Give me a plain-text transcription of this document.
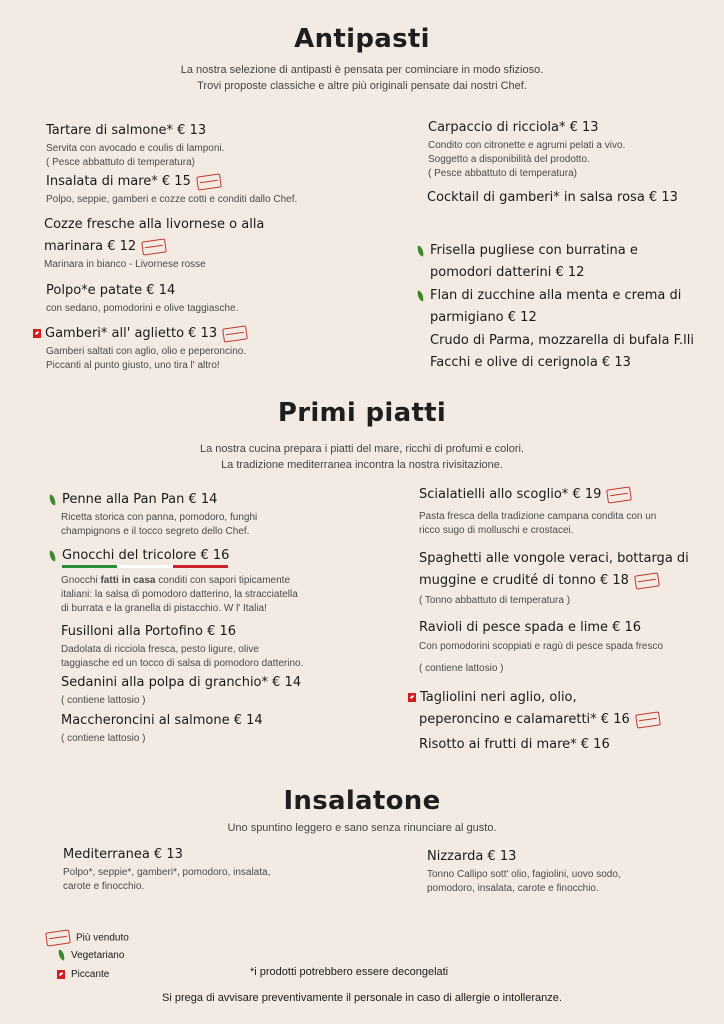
Antipasti
La nostra selezione di antipasti è pensata per cominciare in modo sfizioso.
Trovi proposte classiche e altre più originali pensate dai nostri Chef.
Tartare di salmone* € 13
Servita con avocado e coulis di lamponi.
( Pesce abbattuto di temperatura)
Insalata di mare* € 15
Polpo, seppie, gamberi e cozze cotti e conditi dallo Chef.
Cozze fresche alla livornese o alla
marinara € 12
Marinara in bianco - Livornese rosse
Polpo*e patate € 14
con sedano, pomodorini e olive taggiasche.
Gamberi* all' aglietto € 13
Gamberi saltati con aglio, olio e peperoncino.
Piccanti al punto giusto, uno tira l' altro!
Carpaccio di ricciola* € 13
Condito con citronette e agrumi pelati a vivo.
Soggetto a disponibilità del prodotto.
( Pesce abbattuto di temperatura)
Cocktail di gamberi* in salsa rosa € 13
Frisella pugliese con burratina e
pomodori datterini € 12
Flan di zucchine alla menta e crema di
parmigiano € 12
Crudo di Parma, mozzarella di bufala F.lli
Facchi e olive di cerignola € 13
Primi piatti
La nostra cucina prepara i piatti del mare, ricchi di profumi e colori.
La tradizione mediterranea incontra la nostra rivisitazione.
Penne alla Pan Pan € 14
Ricetta storica con panna, pomodoro, funghi
champignons e il tocco segreto dello Chef.
Gnocchi del tricolore € 16
Gnocchi fatti in casa conditi con sapori tipicamente
italiani: la salsa di pomodoro datterino, la stracciatella
di burrata e la granella di pistacchio. W l' Italia!
Fusilloni alla Portofino € 16
Dadolata di ricciola fresca, pesto ligure, olive
taggiasche ed un tocco di salsa di pomodoro datterino.
Sedanini alla polpa di granchio* € 14
( contiene lattosio )
Maccheroncini al salmone € 14
( contiene lattosio )
Scialatielli allo scoglio* € 19
Pasta fresca della tradizione campana condita con un
ricco sugo di molluschi e crostacei.
Spaghetti alle vongole veraci, bottarga di
muggine e crudité di tonno € 18
( Tonno abbattuto di temperatura )
Ravioli di pesce spada e lime € 16
Con pomodorini scoppiati e ragù di pesce spada fresco
( contiene lattosio )
Tagliolini neri aglio, olio,
peperoncino e calamaretti* € 16
Risotto ai frutti di mare* € 16
Insalatone
Uno spuntino leggero e sano senza rinunciare al gusto.
Mediterranea € 13
Polpo*, seppie*, gamberi*, pomodoro, insalata,
carote e finocchio.
Nizzarda € 13
Tonno Callipo sott' olio, fagiolini, uovo sodo,
pomodoro, insalata, carote e finocchio.
Più venduto
Vegetariano
Piccante	*i prodotti potrebbero essere decongelati
Si prega di avvisare preventivamente il personale in caso di allergie o intolleranze.
